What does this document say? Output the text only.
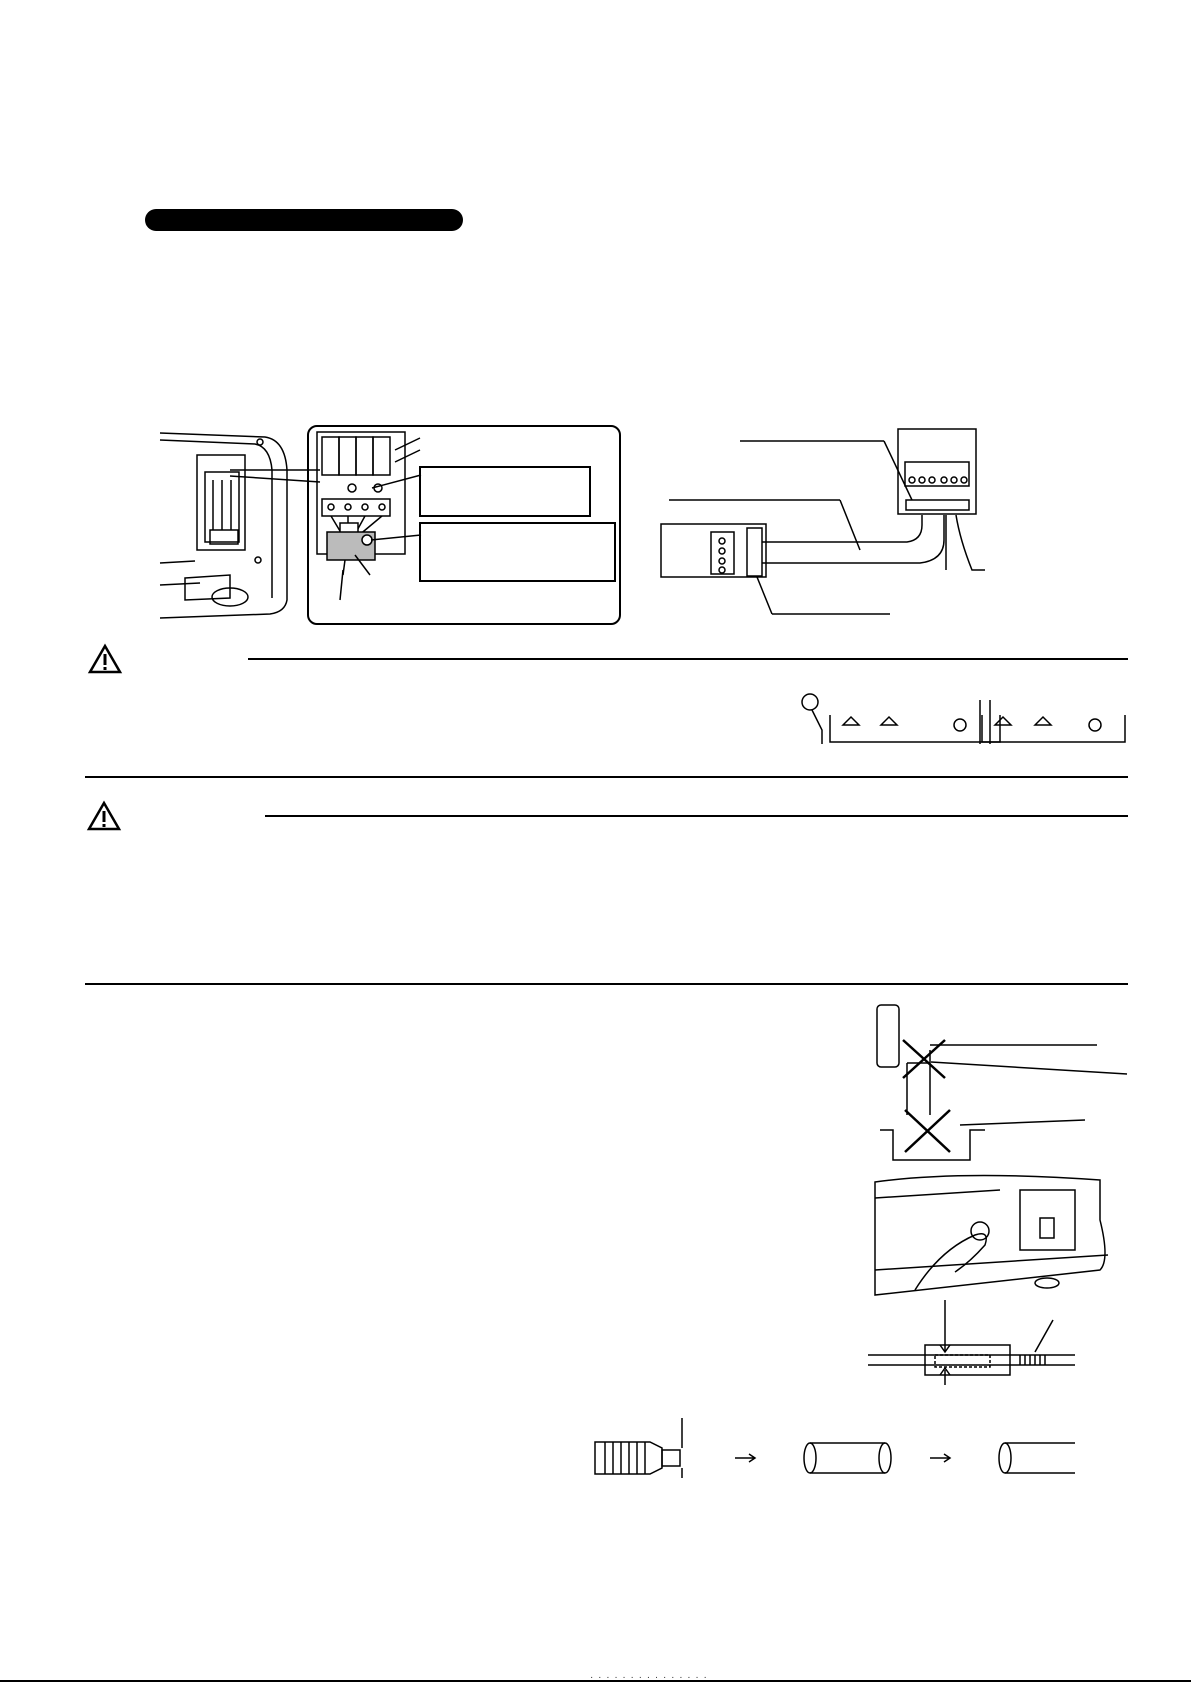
· · · · · · · · · · · · · · ·
